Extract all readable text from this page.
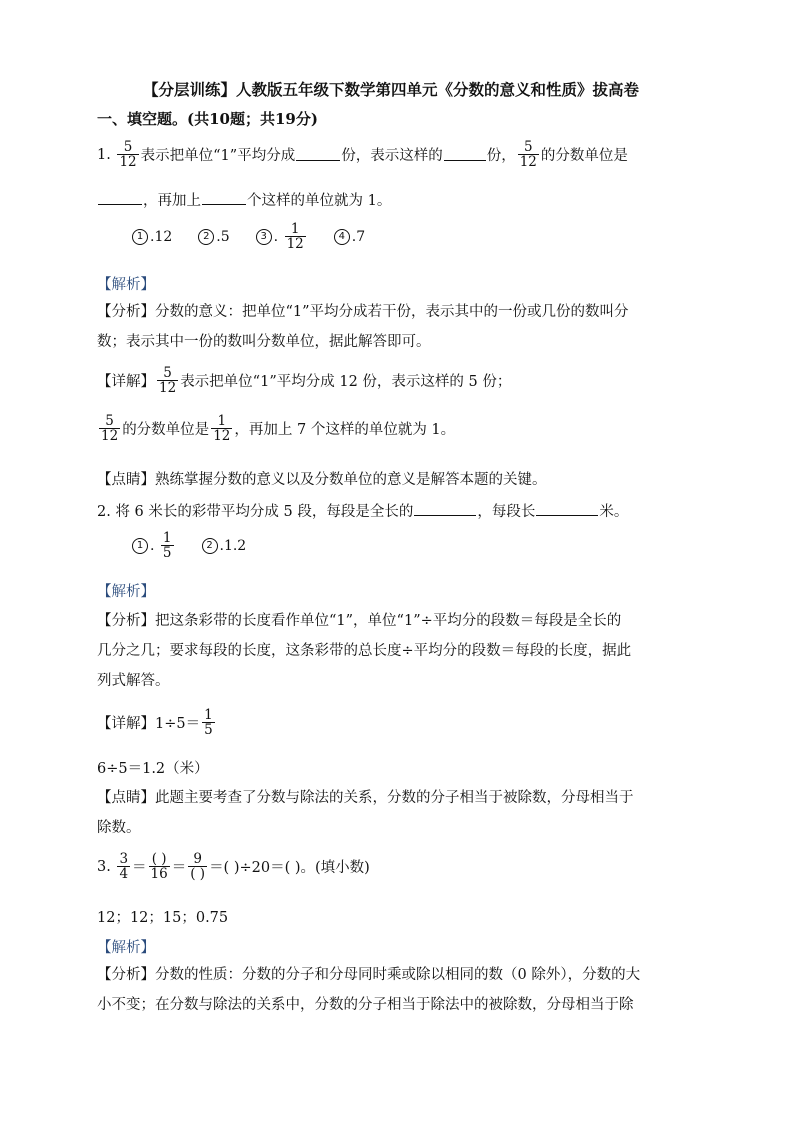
【分层训练】人教版五年级下数学第四单元《分数的意义和性质》拔高卷
一、填空题。(共10题；共19分)
1.
$\frac{5}{12}$ 表示把单位“1”平均分成	份，表示这样的	份， $\frac{5}{12}$ 的分数单位是
，再加上	个这样的单位就为 1。
1 . 12	2 . 5	3 . $\frac{1}{12}$	4 . 7
【解析】
【分析】分数的意义：把单位“1”平均分成若干份，表示其中的一份或几份的数叫分
数；表示其中一份的数叫分数单位，据此解答即可。
【详解】 $\frac{5}{12}$ 表示把单位“1”平均分成 12 份，表示这样的 5 份；
$\frac{5}{12}$ 的分数单位是 $\frac{1}{12}$ ，再加上 7 个这样的单位就为 1。
【点睛】熟练掌握分数的意义以及分数单位的意义是解答本题的关键。
2. 将 6 米长的彩带平均分成 5 段，每段是全长的	，每段长	米。
1 . $\frac{1}{5}$	2 . 1.2
【解析】
【分析】把这条彩带的长度看作单位“1”，单位“1”÷平均分的段数＝每段是全长的
几分之几；要求每段的长度，这条彩带的总长度÷平均分的段数＝每段的长度，据此
列式解答。
【详解】 $1\div 5= \frac{1}{5}$
6÷5＝1.2（米）
【点睛】此题主要考查了分数与除法的关系，分数的分子相当于被除数，分母相当于
除数。
3.
$\frac{3}{4} = \frac{( )}{16} = \frac{9}{( )}$ ＝( )÷20＝( )。(填小数)
12；12；15；0.75
【解析】
【分析】分数的性质：分数的分子和分母同时乘或除以相同的数（0 除外），分数的大
小不变；在分数与除法的关系中，分数的分子相当于除法中的被除数，分母相当于除
